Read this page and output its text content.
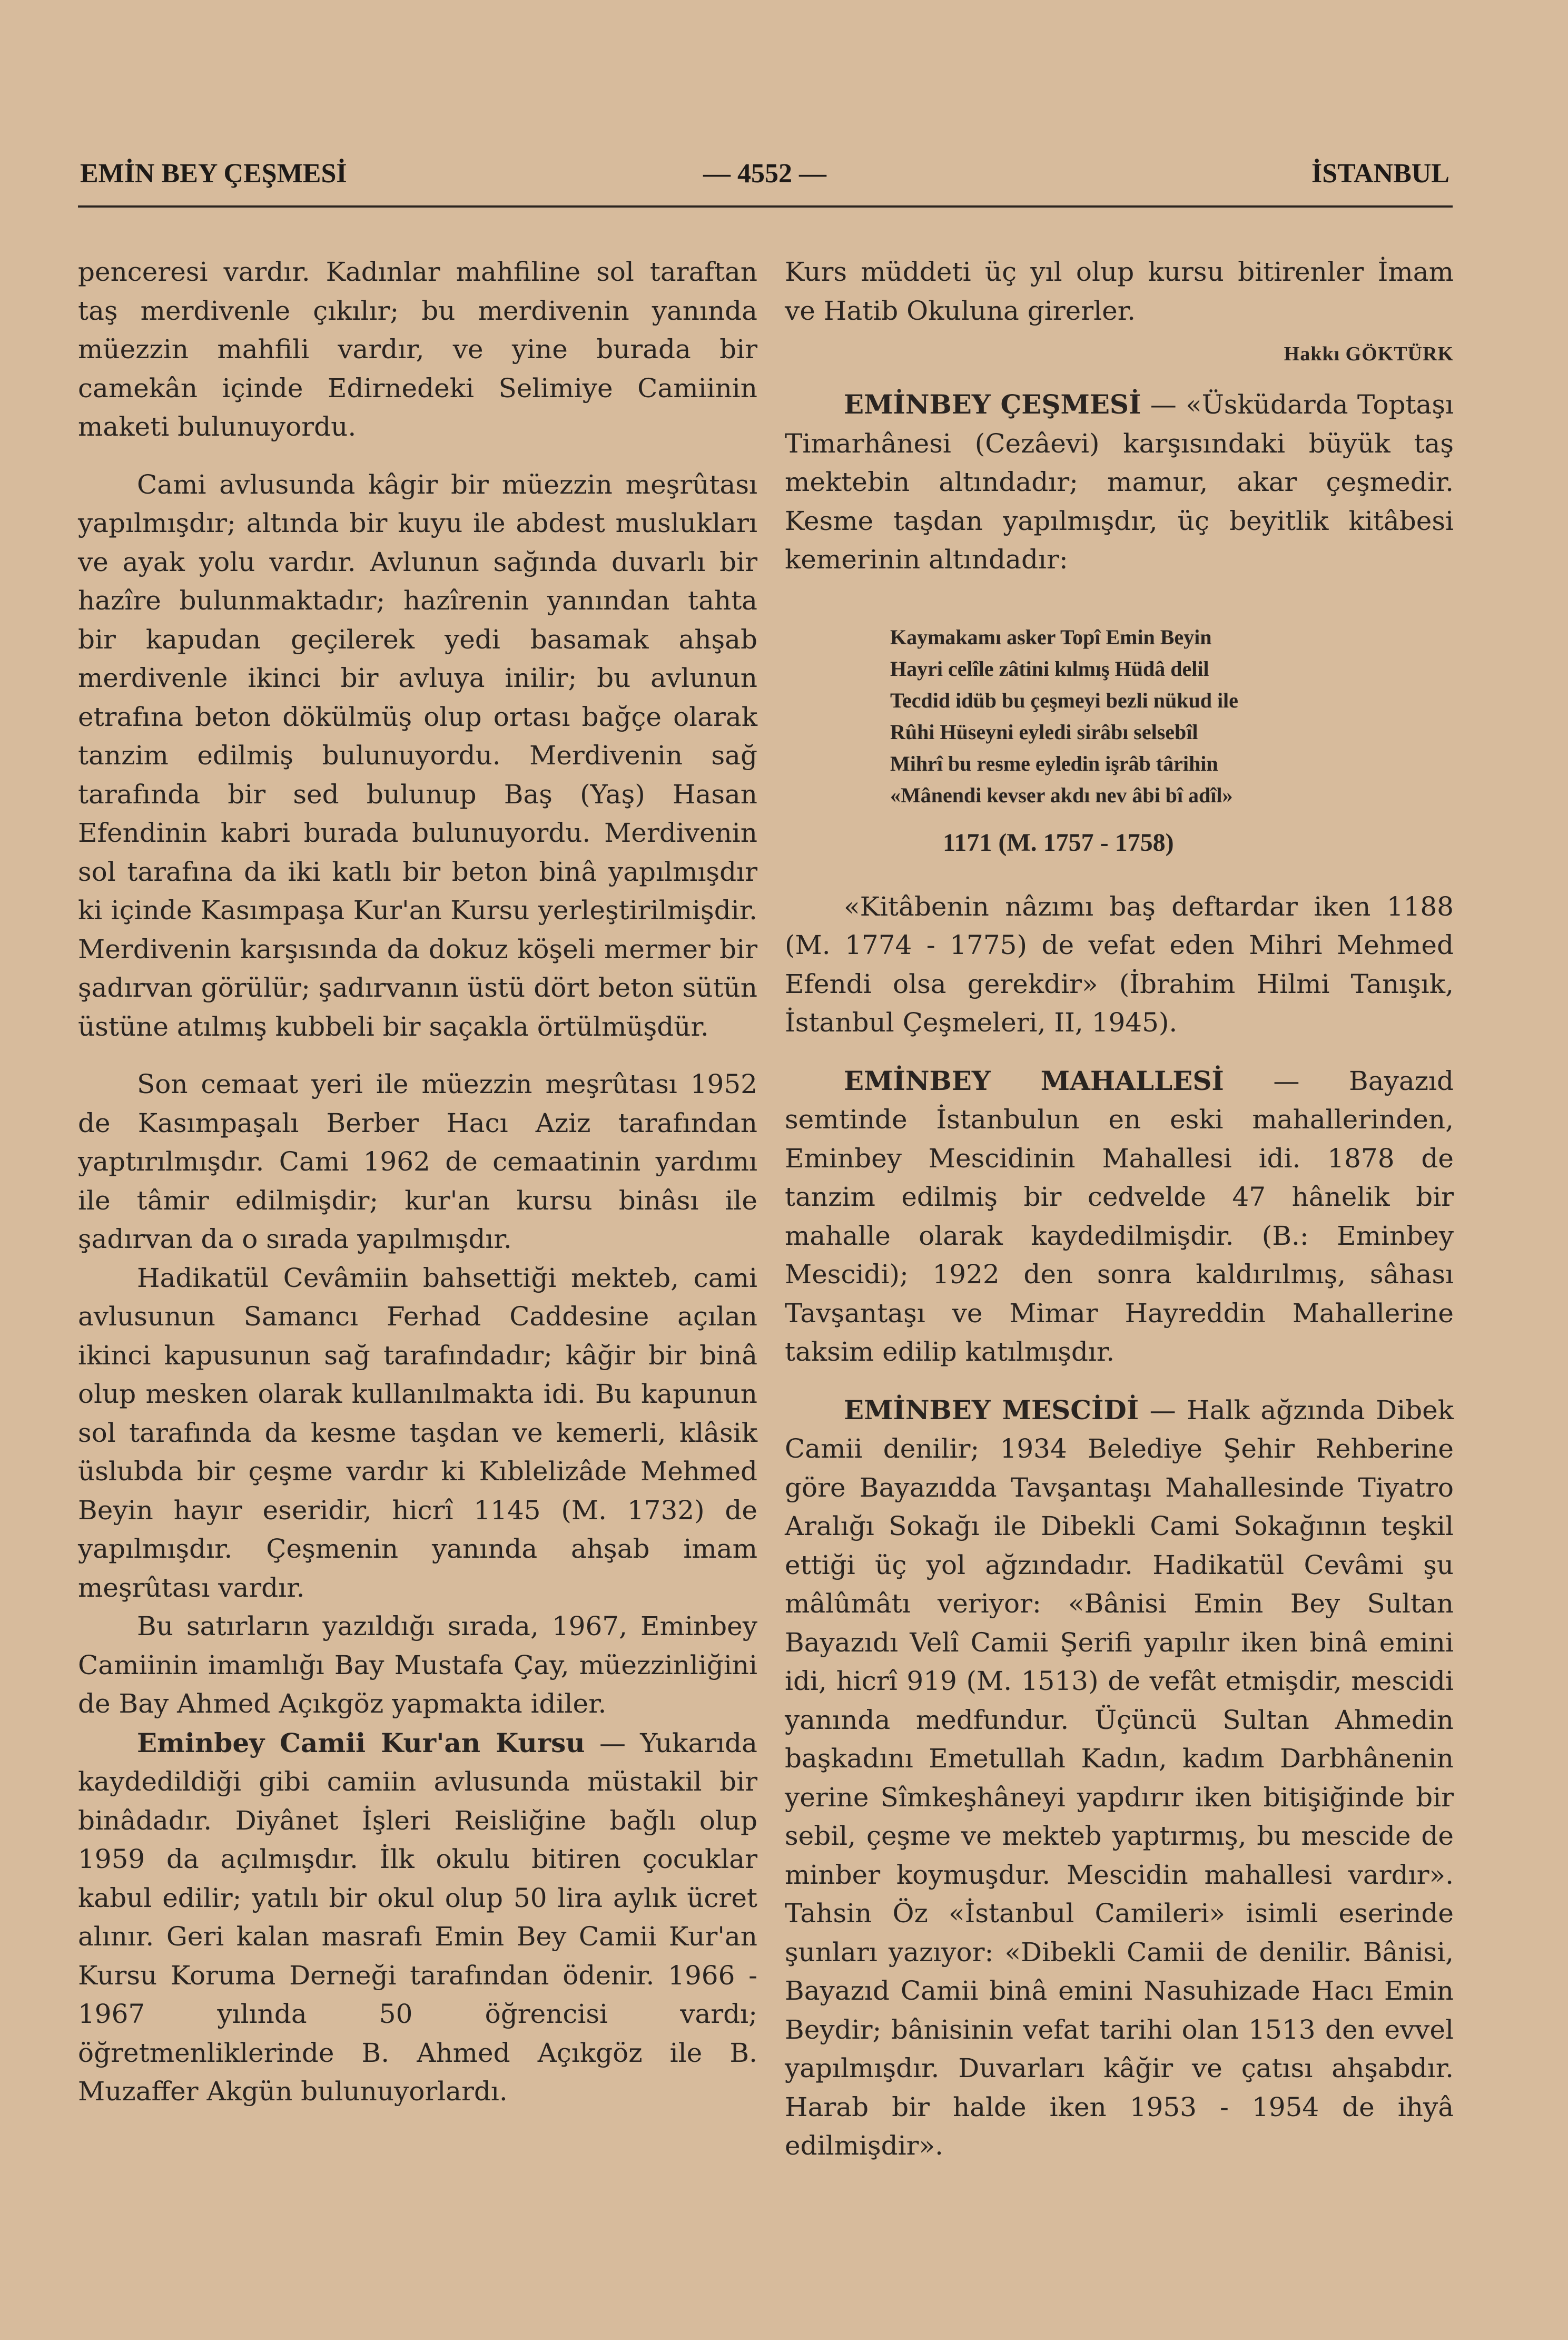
EMİN BEY ÇEŞMESİ	— 4552 —	İSTANBUL

penceresi vardır. Kadınlar mahfiline sol taraftan taş merdivenle çıkılır; bu merdivenin yanında müezzin mahfili vardır, ve yine burada bir camekân içinde Edirnedeki Selimiye Camiinin maketi bulunuyordu.

Cami avlusunda kâgir bir müezzin meşrûtası yapılmışdır; altında bir kuyu ile abdest muslukları ve ayak yolu vardır. Avlunun sağında duvarlı bir hazîre bulunmaktadır; hazîrenin yanından tahta bir kapudan geçilerek yedi basamak ahşab merdivenle ikinci bir avluya inilir; bu avlunun etrafına beton dökülmüş olup ortası bağçe olarak tanzim edilmiş bulunuyordu. Merdivenin sağ tarafında bir sed bulunup Baş (Yaş) Hasan Efendinin kabri burada bulunuyordu. Merdivenin sol tarafına da iki katlı bir beton binâ yapılmışdır ki içinde Kasımpaşa Kur'an Kursu yerleştirilmişdir. Merdivenin karşısında da dokuz köşeli mermer bir şadırvan görülür; şadırvanın üstü dört beton sütün üstüne atılmış kubbeli bir saçakla örtülmüşdür.

Son cemaat yeri ile müezzin meşrûtası 1952 de Kasımpaşalı Berber Hacı Aziz tarafından yaptırılmışdır. Cami 1962 de cemaatinin yardımı ile tâmir edilmişdir; kur'an kursu binâsı ile şadırvan da o sırada yapılmışdır.

Hadikatül Cevâmiin bahsettiği mekteb, cami avlusunun Samancı Ferhad Caddesine açılan ikinci kapusunun sağ tarafındadır; kâğir bir binâ olup mesken olarak kullanılmakta idi. Bu kapunun sol tarafında da kesme taşdan ve kemerli, klâsik üslubda bir çeşme vardır ki Kıblelizâde Mehmed Beyin hayır eseridir, hicrî 1145 (M. 1732) de yapılmışdır. Çeşmenin yanında ahşab imam meşrûtası vardır.

Bu satırların yazıldığı sırada, 1967, Eminbey Camiinin imamlığı Bay Mustafa Çay, müezzinliğini de Bay Ahmed Açıkgöz yapmakta idiler.

Eminbey Camii Kur'an Kursu — Yukarıda kaydedildiği gibi camiin avlusunda müstakil bir binâdadır. Diyânet İşleri Reisliğine bağlı olup 1959 da açılmışdır. İlk okulu bitiren çocuklar kabul edilir; yatılı bir okul olup 50 lira aylık ücret alınır. Geri kalan masrafı Emin Bey Camii Kur'an Kursu Koruma Derneği tarafından ödenir. 1966 - 1967 yılında 50 öğrencisi vardı; öğretmenliklerinde B. Ahmed Açıkgöz ile B. Muzaffer Akgün bulunuyorlardı.

Kurs müddeti üç yıl olup kursu bitirenler İmam ve Hatib Okuluna girerler.

Hakkı GÖKTÜRK

EMİNBEY ÇEŞMESİ — «Üsküdarda Toptaşı Timarhânesi (Cezâevi) karşısındaki büyük taş mektebin altındadır; mamur, akar çeşmedir. Kesme taşdan yapılmışdır, üç beyitlik kitâbesi kemerinin altındadır:

Kaymakamı asker Topî Emin Beyin
Hayri celîle zâtini kılmış Hüdâ delil
Tecdid idüb bu çeşmeyi bezli nükud ile
Rûhi Hüseyni eyledi sirâbı selsebîl
Mihrî bu resme eyledin işrâb târihin
«Mânendi kevser akdı nev âbi bî adîl»

1171 (M. 1757 - 1758)

«Kitâbenin nâzımı baş deftardar iken 1188 (M. 1774 - 1775) de vefat eden Mihri Mehmed Efendi olsa gerekdir» (İbrahim Hilmi Tanışık, İstanbul Çeşmeleri, II, 1945).

EMİNBEY MAHALLESİ — Bayazıd semtinde İstanbulun en eski mahallerinden, Eminbey Mescidinin Mahallesi idi. 1878 de tanzim edilmiş bir cedvelde 47 hânelik bir mahalle olarak kaydedilmişdir. (B.: Eminbey Mescidi); 1922 den sonra kaldırılmış, sâhası Tavşantaşı ve Mimar Hayreddin Mahallerine taksim edilip katılmışdır.

EMİNBEY MESCİDİ — Halk ağzında Dibek Camii denilir; 1934 Belediye Şehir Rehberine göre Bayazıdda Tavşantaşı Mahallesinde Tiyatro Aralığı Sokağı ile Dibekli Cami Sokağının teşkil ettiği üç yol ağzındadır. Hadikatül Cevâmi şu mâlûmâtı veriyor: «Bânisi Emin Bey Sultan Bayazıdı Velî Camii Şerifi yapılır iken binâ emini idi, hicrî 919 (M. 1513) de vefât etmişdir, mescidi yanında medfundur. Üçüncü Sultan Ahmedin başkadını Emetullah Kadın, kadım Darbhânenin yerine Sîmkeşhâneyi yapdırır iken bitişiğinde bir sebil, çeşme ve mekteb yaptırmış, bu mescide de minber koymuşdur. Mescidin mahallesi vardır». Tahsin Öz «İstanbul Camileri» isimli eserinde şunları yazıyor: «Dibekli Camii de denilir. Bânisi, Bayazıd Camii binâ emini Nasuhizade Hacı Emin Beydir; bânisinin vefat tarihi olan 1513 den evvel yapılmışdır. Duvarları kâğir ve çatısı ahşabdır. Harab bir halde iken 1953 - 1954 de ihyâ edilmişdir».
